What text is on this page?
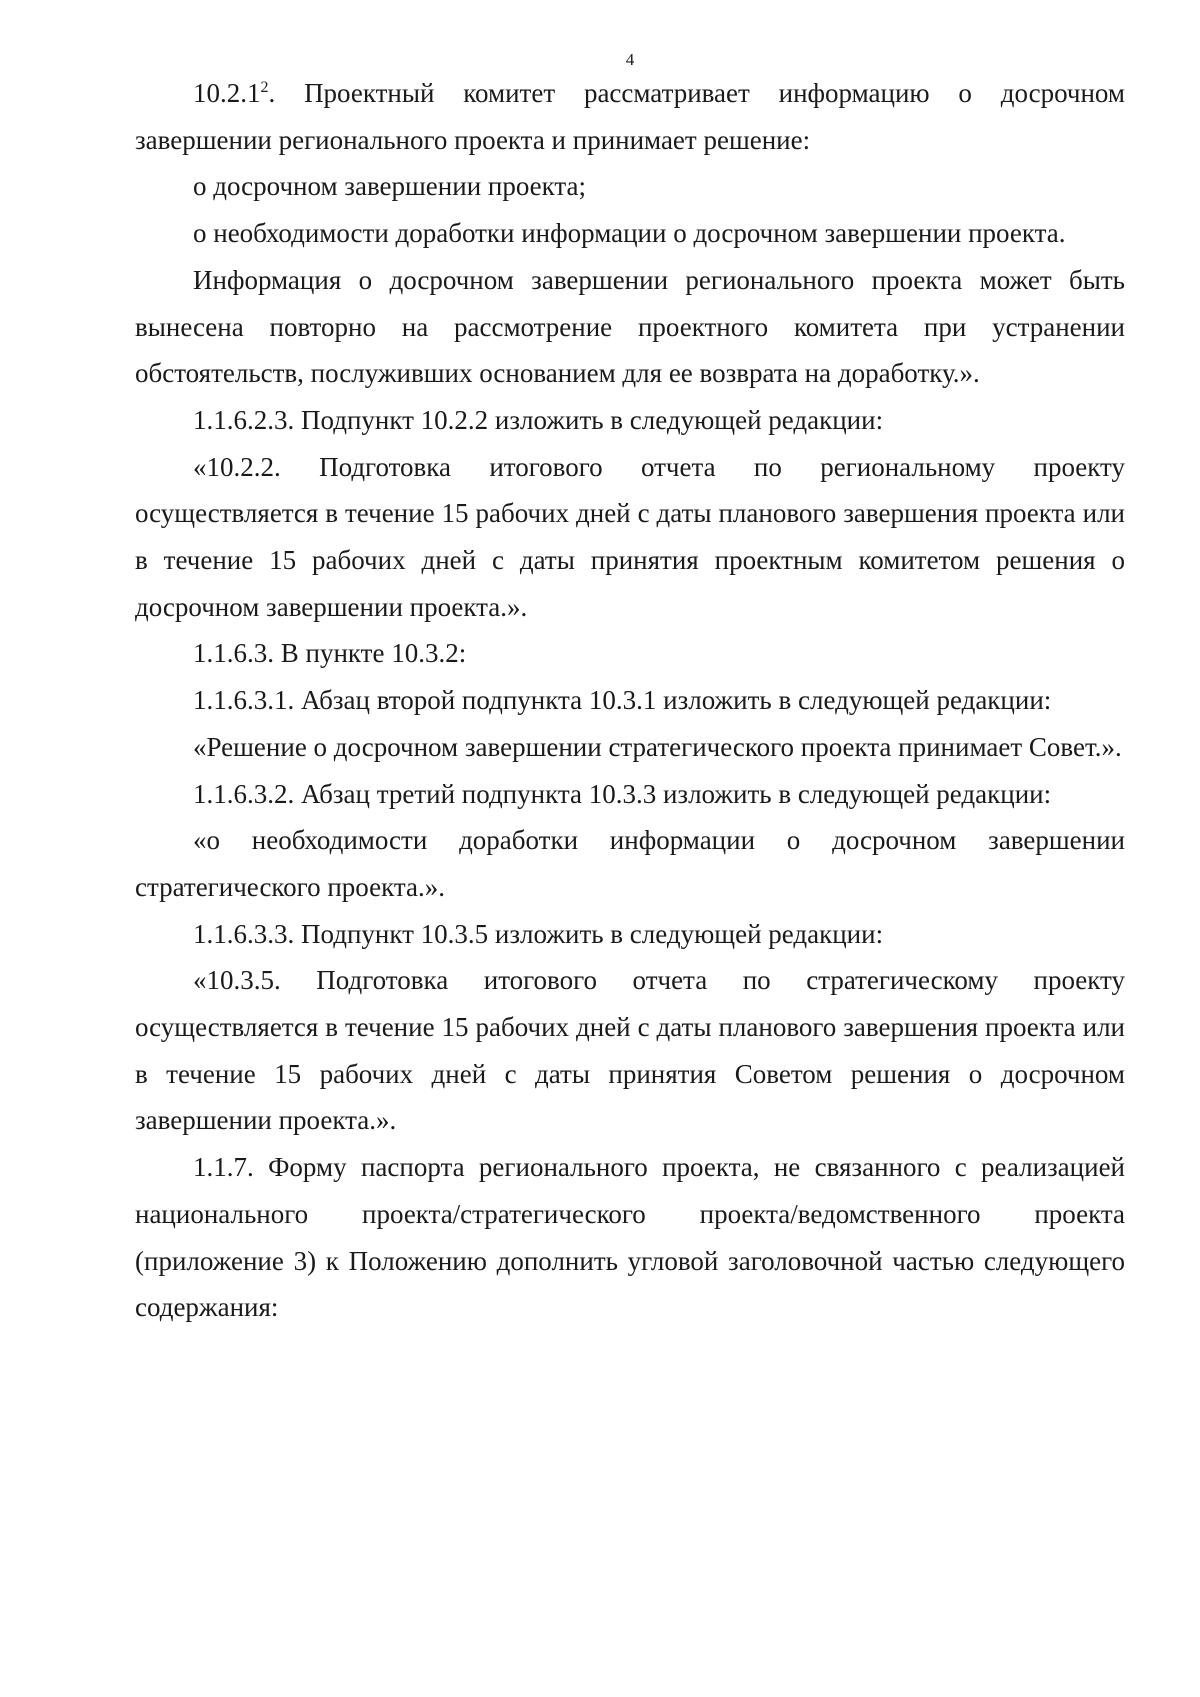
4

10.2.1$^2$. Проектный комитет рассматривает информацию о досрочном завершении регионального проекта и принимает решение:

о досрочном завершении проекта;

о необходимости доработки информации о досрочном завершении проекта.

Информация о досрочном завершении регионального проекта может быть вынесена повторно на рассмотрение проектного комитета при устранении обстоятельств, послуживших основанием для ее возврата на доработку.».

1.1.6.2.3. Подпункт 10.2.2 изложить в следующей редакции:

«10.2.2. Подготовка итогового отчета по региональному проекту осуществляется в течение 15 рабочих дней с даты планового завершения проекта или в течение 15 рабочих дней с даты принятия проектным комитетом решения о досрочном завершении проекта.».

1.1.6.3. В пункте 10.3.2:

1.1.6.3.1. Абзац второй подпункта 10.3.1 изложить в следующей редакции:

«Решение о досрочном завершении стратегического проекта принимает Совет.».

1.1.6.3.2. Абзац третий подпункта 10.3.3 изложить в следующей редакции:

«о необходимости доработки информации о досрочном завершении стратегического проекта.».

1.1.6.3.3. Подпункт 10.3.5 изложить в следующей редакции:

«10.3.5. Подготовка итогового отчета по стратегическому проекту осуществляется в течение 15 рабочих дней с даты планового завершения проекта или в течение 15 рабочих дней с даты принятия Советом решения о досрочном завершении проекта.».

1.1.7. Форму паспорта регионального проекта, не связанного с реализацией национального проекта/стратегического проекта/ведомственного проекта (приложение 3) к Положению дополнить угловой заголовочной частью следующего содержания:
